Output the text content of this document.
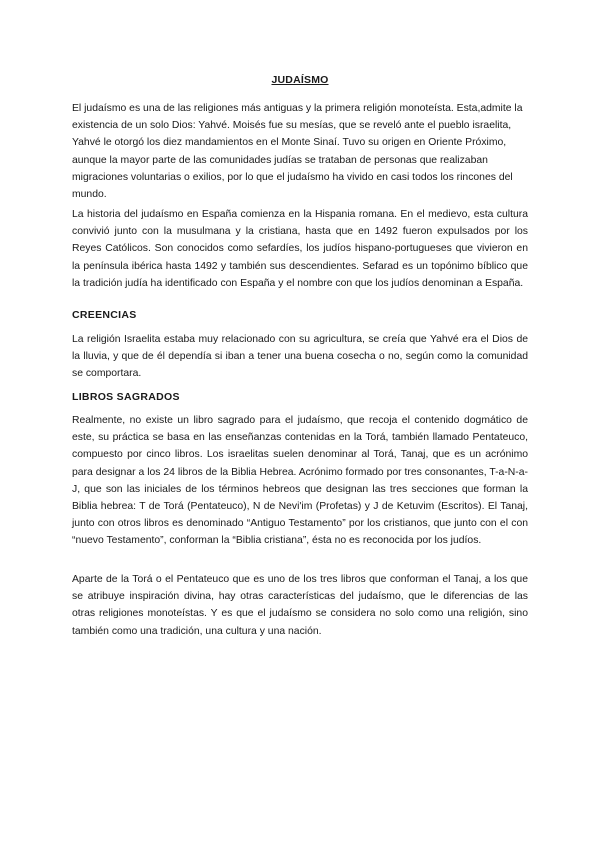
JUDAÍSMO

El judaísmo es una de las religiones más antiguas y la primera religión monoteísta. Esta,admite la existencia de un solo Dios: Yahvé. Moisés fue su mesías, que se reveló ante el pueblo israelita, Yahvé le otorgó los diez mandamientos en el Monte Sinaí. Tuvo su origen en Oriente Próximo, aunque la mayor parte de las comunidades judías se trataban de personas que realizaban migraciones voluntarias o exilios, por lo que el judaísmo ha vivido en casi todos los rincones del mundo.

La historia del judaísmo en España comienza en la Hispania romana. En el medievo, esta cultura convivió junto con la musulmana y la cristiana, hasta que en 1492 fueron expulsados por los Reyes Católicos. Son conocidos como sefardíes, los judíos hispano-portugueses que vivieron en la península ibérica hasta 1492 y también sus descendientes. Sefarad es un topónimo bíblico que la tradición judía ha identificado con España y el nombre con que los judíos denominan a España.

CREENCIAS

La religión Israelita estaba muy relacionado con su agricultura, se creía que Yahvé era el Dios de la lluvia, y que de él dependía si iban a tener una buena cosecha o no, según como la comunidad se comportara.

LIBROS SAGRADOS

Realmente, no existe un libro sagrado para el judaísmo, que recoja el contenido dogmático de este, su práctica se basa en las enseñanzas contenidas en la Torá, también llamado Pentateuco, compuesto por cinco libros. Los israelitas suelen denominar al Torá, Tanaj, que es un acrónimo para designar a los 24 libros de la Biblia Hebrea. Acrónimo formado por tres consonantes, T-a-N-a-J, que son las iniciales de los términos hebreos que designan las tres secciones que forman la Biblia hebrea: T de Torá (Pentateuco), N de Nevi'im (Profetas) y J de Ketuvim (Escritos). El Tanaj, junto con otros libros es denominado “Antiguo Testamento” por los cristianos, que junto con el con “nuevo Testamento”, conforman la “Biblia cristiana”, ésta no es reconocida por los judíos.

Aparte de la Torá o el Pentateuco que es uno de los tres libros que conforman el Tanaj, a los que se atribuye inspiración divina, hay otras características del judaísmo, que le diferencias de las otras religiones monoteístas. Y es que el judaísmo se considera no solo como una religión, sino también como una tradición, una cultura y una nación.
